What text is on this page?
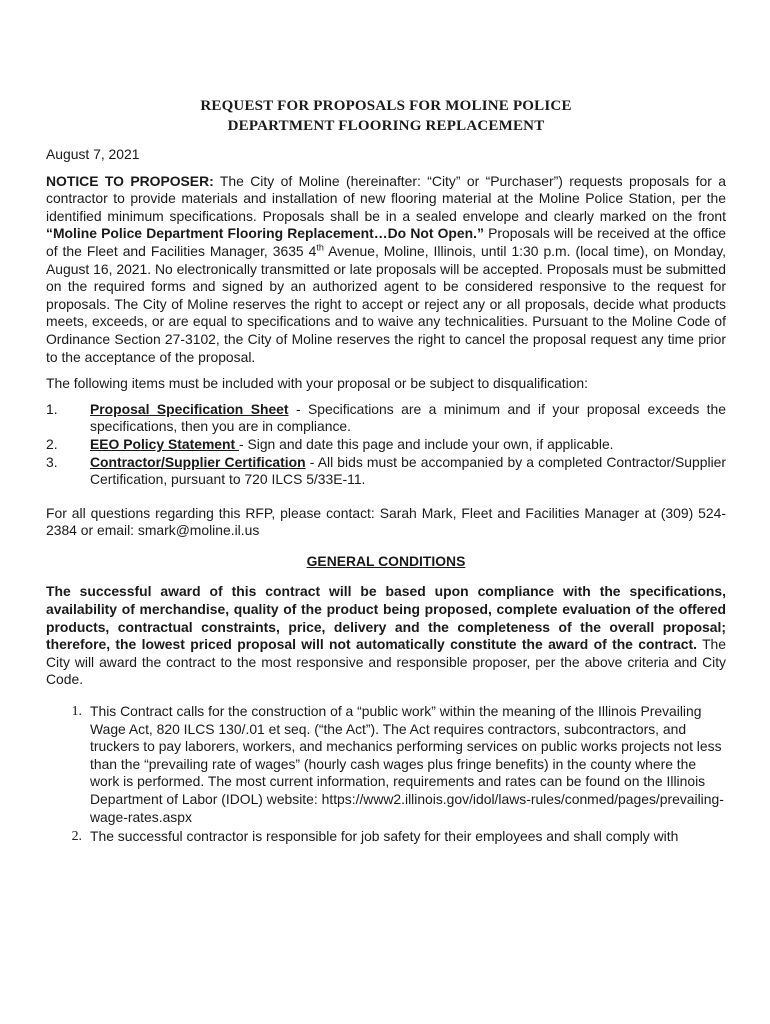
REQUEST FOR PROPOSALS FOR MOLINE POLICE
DEPARTMENT FLOORING REPLACEMENT
August 7, 2021
NOTICE TO PROPOSER: The City of Moline (hereinafter: “City” or “Purchaser”) requests proposals for a contractor to provide materials and installation of new flooring material at the Moline Police Station, per the identified minimum specifications. Proposals shall be in a sealed envelope and clearly marked on the front “Moline Police Department Flooring Replacement…Do Not Open.” Proposals will be received at the office of the Fleet and Facilities Manager, 3635 4th Avenue, Moline, Illinois, until 1:30 p.m. (local time), on Monday, August 16, 2021. No electronically transmitted or late proposals will be accepted. Proposals must be submitted on the required forms and signed by an authorized agent to be considered responsive to the request for proposals. The City of Moline reserves the right to accept or reject any or all proposals, decide what products meets, exceeds, or are equal to specifications and to waive any technicalities. Pursuant to the Moline Code of Ordinance Section 27-3102, the City of Moline reserves the right to cancel the proposal request any time prior to the acceptance of the proposal.
The following items must be included with your proposal or be subject to disqualification:
1.	Proposal Specification Sheet - Specifications are a minimum and if your proposal exceeds the specifications, then you are in compliance.
2.	EEO Policy Statement - Sign and date this page and include your own, if applicable.
3.	Contractor/Supplier Certification - All bids must be accompanied by a completed Contractor/Supplier Certification, pursuant to 720 ILCS 5/33E-11.
For all questions regarding this RFP, please contact: Sarah Mark, Fleet and Facilities Manager at (309) 524-2384 or email: smark@moline.il.us
GENERAL CONDITIONS
The successful award of this contract will be based upon compliance with the specifications, availability of merchandise, quality of the product being proposed, complete evaluation of the offered products, contractual constraints, price, delivery and the completeness of the overall proposal; therefore, the lowest priced proposal will not automatically constitute the award of the contract. The City will award the contract to the most responsive and responsible proposer, per the above criteria and City Code.
1. This Contract calls for the construction of a “public work” within the meaning of the Illinois Prevailing Wage Act, 820 ILCS 130/.01 et seq. (“the Act”). The Act requires contractors, subcontractors, and truckers to pay laborers, workers, and mechanics performing services on public works projects not less than the “prevailing rate of wages” (hourly cash wages plus fringe benefits) in the county where the work is performed. The most current information, requirements and rates can be found on the Illinois Department of Labor (IDOL) website: https://www2.illinois.gov/idol/laws-rules/conmed/pages/prevailing-wage-rates.aspx
2. The successful contractor is responsible for job safety for their employees and shall comply with
